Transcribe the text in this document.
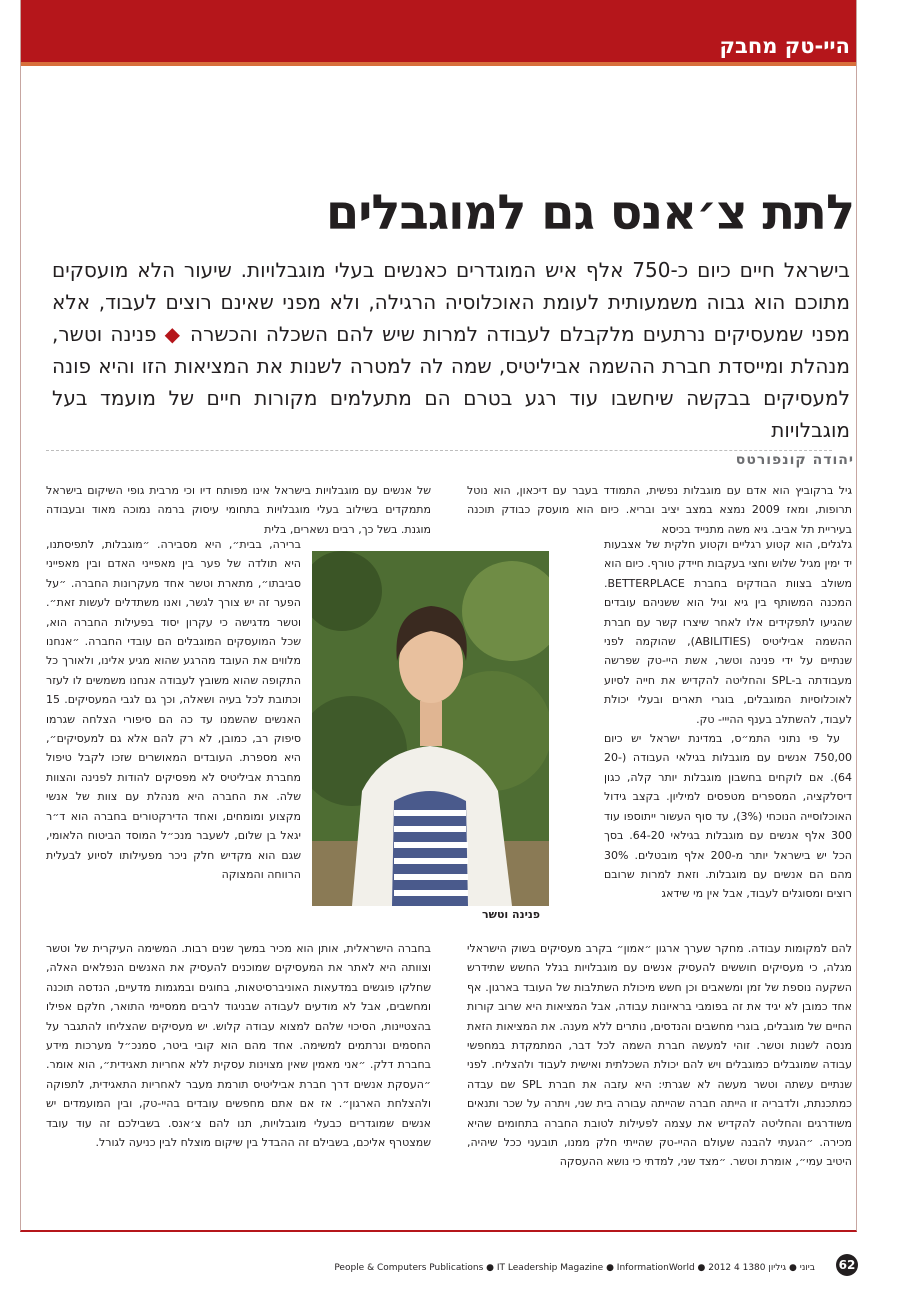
היי-טק מחבק
לתת צ׳אנס גם למוגבלים
בישראל חיים כיום כ-750 אלף איש המוגדרים כאנשים בעלי מוגבלויות. שיעור הלא מועסקים מתוכם הוא גבוה משמעותית לעומת האוכלוסיה הרגילה, ולא מפני שאינם רוצים לעבוד, אלא מפני שמעסיקים נרתעים מלקבלם לעבודה למרות שיש להם השכלה והכשרה ◆ פנינה וטשר, מנהלת ומייסדת חברת ההשמה אביליטיס, שמה לה למטרה לשנות את המציאות הזו והיא פונה למעסיקים בבקשה שיחשבו עוד רגע בטרם הם מתעלמים מקורות חיים של מועמד בעל מוגבלויות
יהודה קונפורטס

גיל ברקוביץ הוא אדם עם מוגבלות נפשית, התמודד בעבר עם דיכאון, הוא נוטל תרופות, ומאז 2009 נמצא במצב יציב ובריא. כיום הוא מועסק כבודק תוכנה בעיריית תל אביב. גיא משה מתנייד בכיסא

של אנשים עם מוגבלויות בישראל אינו מפותח דיו וכי מרבית גופי השיקום בישראל מתמקדים בשילוב בעלי מוגבלויות בתחומי עיסוק ברמה נמוכה מאוד ובעבודה מוגנת. בשל כך, רבים נשארים, בלית

גלגלים, הוא קטוע רגליים וקטוע חלקית של אצבעות יד ימין מגיל שלוש וחצי בעקבות חיידק טורף. כיום הוא משולב בצוות הבודקים בחברת BETTERPLACE. המכנה המשותף בין גיא וגיל הוא ששניהם עובדים שהגיעו לתפקידים אלו לאחר שיצרו קשר עם חברת ההשמה אביליטיס (ABILITIES), שהוקמה לפני שנתיים על ידי פנינה וטשר, אשת היי-טק שפרשה מעבודתה ב-SPL והחליטה להקדיש את חייה לסיוע לאוכלוסיות המוגבלים, בוגרי תארים ובעלי יכולת לעבוד, להשתלב בענף ההייי- טק.

על פי נתוני התמ״ס, במדינת ישראל יש כיום 750,00 אנשים עם מוגבלות בגילאי העבודה (20-64). אם לוקחים בחשבון מוגבלות יותר קלה, כגון דיסלקציה, המספרים מטפסים למיליון. בקצב גידול האוכלוסייה הנוכחי (3%), עד סוף העשור ייתוספו עוד 300 אלף אנשים עם מוגבלות בגילאי 64-20. בסך הכל יש בישראל יותר מ-200 אלף מובטלים. 30% מהם הם אנשים עם מוגבלות. וזאת למרות שרובם רוצים ומסוגלים לעבוד, אבל אין מי שידאג

ברירה, בבית״, היא מסבירה. ״מוגבלות, לתפיסתנו, היא תולדה של פער בין מאפייני האדם ובין מאפייני סביבתו״, מתארת וטשר אחד מעקרונות החברה. ״על הפער זה יש צורך לגשר, ואנו משתדלים לעשות זאת״. וטשר מדגישה כי עקרון יסוד בפעילות החברה הוא, שכל המועסקים המוגבלים הם עובדי החברה. ״אנחנו מלווים את העובד מהרגע שהוא מגיע אלינו, ולאורך כל התקופה שהוא משובץ לעבודה אנחנו משמשים לו לעזר וכתובת לכל בעיה ושאלה, וכך גם לגבי המעסיקים. 15 האנשים שהשמנו עד כה הם סיפורי הצלחה שגרמו סיפוק רב, כמובן, לא רק להם אלא גם למעסיקים״, היא מספרת. העובדים המאושרים שזכו לקבל טיפול מחברת אביליטיס לא מפסיקים להודות לפנינה והצוות שלה. את החברה היא מנהלת עם צוות של אנשי מקצוע ומומחים, ואחד הדירקטורים בחברה הוא ד״ר יגאל בן שלום, לשעבר מנכ״ל המוסד הביטוח הלאומי, שגם הוא מקדיש חלק ניכר מפעילותו לסיוע לבעלית הרווחה והמצוקה

פנינה וטשר

להם למקומות עבודה. מחקר שערך ארגון ״אמון״ בקרב מעסיקים בשוק הישראלי מגלה, כי מעסיקים חוששים להעסיק אנשים עם מוגבלויות בגלל החשש שתידרש השקעה נוספת של זמן ומשאבים וכן חשש מיכולת השתלבות של העובד בארגון. אף אחד כמובן לא יגיד את זה בפומבי בראיונות עבודה, אבל המציאות היא שרוב קורות החיים של מוגבלים, בוגרי מחשבים והנדסים, נותרים ללא מענה. את המציאות הזאת מנסה לשנות וטשר. זוהי למעשה חברת השמה לכל דבר, המתמקדת במחפשי עבודה שמוגבלים כמוגבלים ויש להם יכולת השכלתית ואישית לעבוד ולהצליח. לפני שנתיים עשתה וטשר מעשה לא שגרתי: היא עזבה את חברת SPL שם עבדה כמתכנתת, ולדבריה זו הייתה חברה שהייתה עבורה בית שני, ויתרה על שכר ותנאים משודרגים והחליטה להקדיש את עצמה לפעילות לטובת החברה בתחומים שהיא מכירה. ״הגעתי להבנה שעולם ההיי-טק שהייתי חלק ממנו, תובעני ככל שיהיה, היטיב עמי״, אומרת וטשר. ״מצד שני, למדתי כי נושא ההעסקה

בחברה הישראלית, אותן הוא מכיר במשך שנים רבות. המשימה העיקרית של וטשר וצוותה היא לאתר את המעסיקים שמוכנים להעסיק את האנשים הנפלאים האלה, שחלקו פוגשים במדעאות האוניברסיטאות, בחוגים ובמגמות מדעיים, הנדסה תוכנה ומחשבים, אבל לא מודעים לעבודה שבניגוד לרבים ממסיימי התואר, חלקם אפילו בהצטיינות, הסיכוי שלהם למצוא עבודה קלוש. יש מעסיקים שהצליחו להתגבר על החסמים ונרתמים למשימה. אחד מהם הוא קובי ביטר, סמנכ״ל מערכות מידע בחברת דלק. ״אני מאמין שאין מצוינות עסקית ללא אחריות תאגידית״, הוא אומר. ״העסקת אנשים דרך חברת אביליטיס תורמת מעבר לאחריות התאגידית, לתפוקה ולהצלחת הארגון״. אז אם אתם מחפשים עובדים בהיי-טק, ובין המועמדים יש אנשים שמוגדרים כבעלי מוגבלויות, תנו להם צ׳אנס. בשבילכם זה עוד עובד שמצטרף אליכם, בשבילם זה ההבדל בין שיקום מוצלח לבין כניעה לגורל.

People & Computers Publications ● IT Leadership Magazine ● InformationWorld ● 2012 4 ביוני ● גיליון 1380 62
